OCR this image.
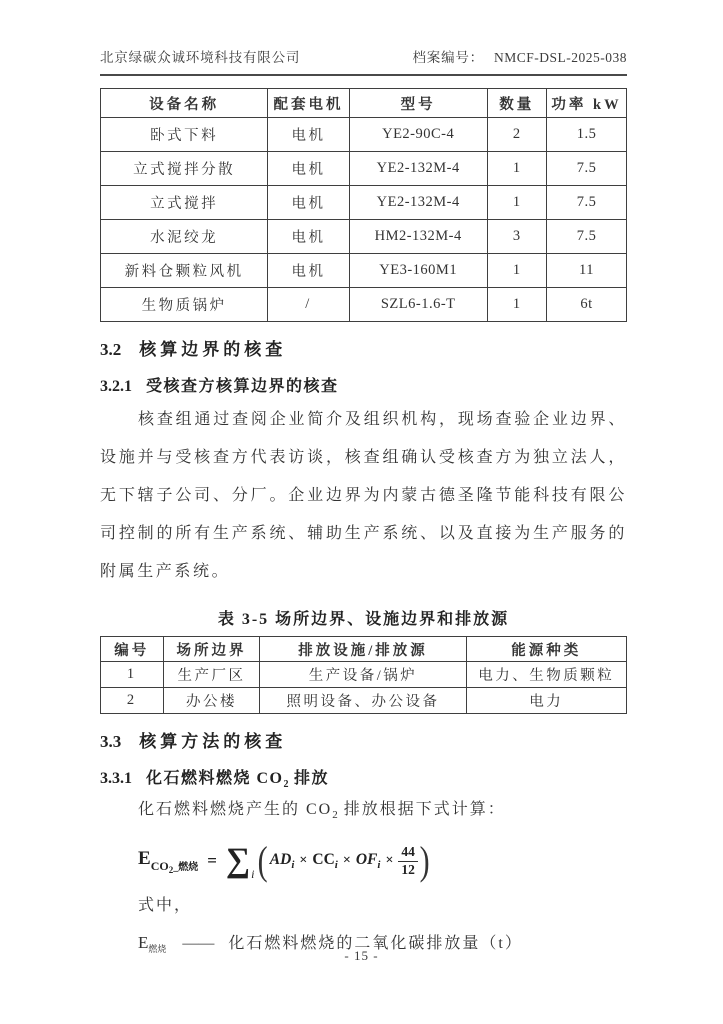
北京绿碳众诚环境科技有限公司	档案编号： NMCF-DSL-2025-038
设备名称	配套电机	型号	数量	功率 kW
卧式下料	电机	YE2-90C-4	2	1.5
立式搅拌分散	电机	YE2-132M-4	1	7.5
立式搅拌	电机	YE2-132M-4	1	7.5
水泥绞龙	电机	HM2-132M-4	3	7.5
新料仓颗粒风机	电机	YE3-160M1	1	11
生物质锅炉	/	SZL6-1.6-T	1	6t
3.2 核算边界的核查
3.2.1 受核查方核算边界的核查

核查组通过查阅企业简介及组织机构，现场查验企业边界、设施并与受核查方代表访谈，核查组确认受核查方为独立法人，无下辖子公司、分厂。企业边界为内蒙古德圣隆节能科技有限公司控制的所有生产系统、辅助生产系统、以及直接为生产服务的附属生产系统。

表 3-5 场所边界、设施边界和排放源
编号	场所边界	排放设施/排放源	能源种类
1	生产厂区	生产设备/锅炉	电力、生物质颗粒
2	办公楼	照明设备、办公设备	电力
3.3 核算方法的核查
3.3.1 化石燃料燃烧 $CO_2$ 排放

化石燃料燃烧产生的 $CO_2$ 排放根据下式计算：

$E_{CO_2\_燃烧}$ = ∑ i ( $AD_i \times CC_i \times OF_i \times \frac{44}{12}$ )

式中，

$E_{燃烧}$ —— 化石燃料燃烧的二氧化碳排放量（t）
- 15 -
